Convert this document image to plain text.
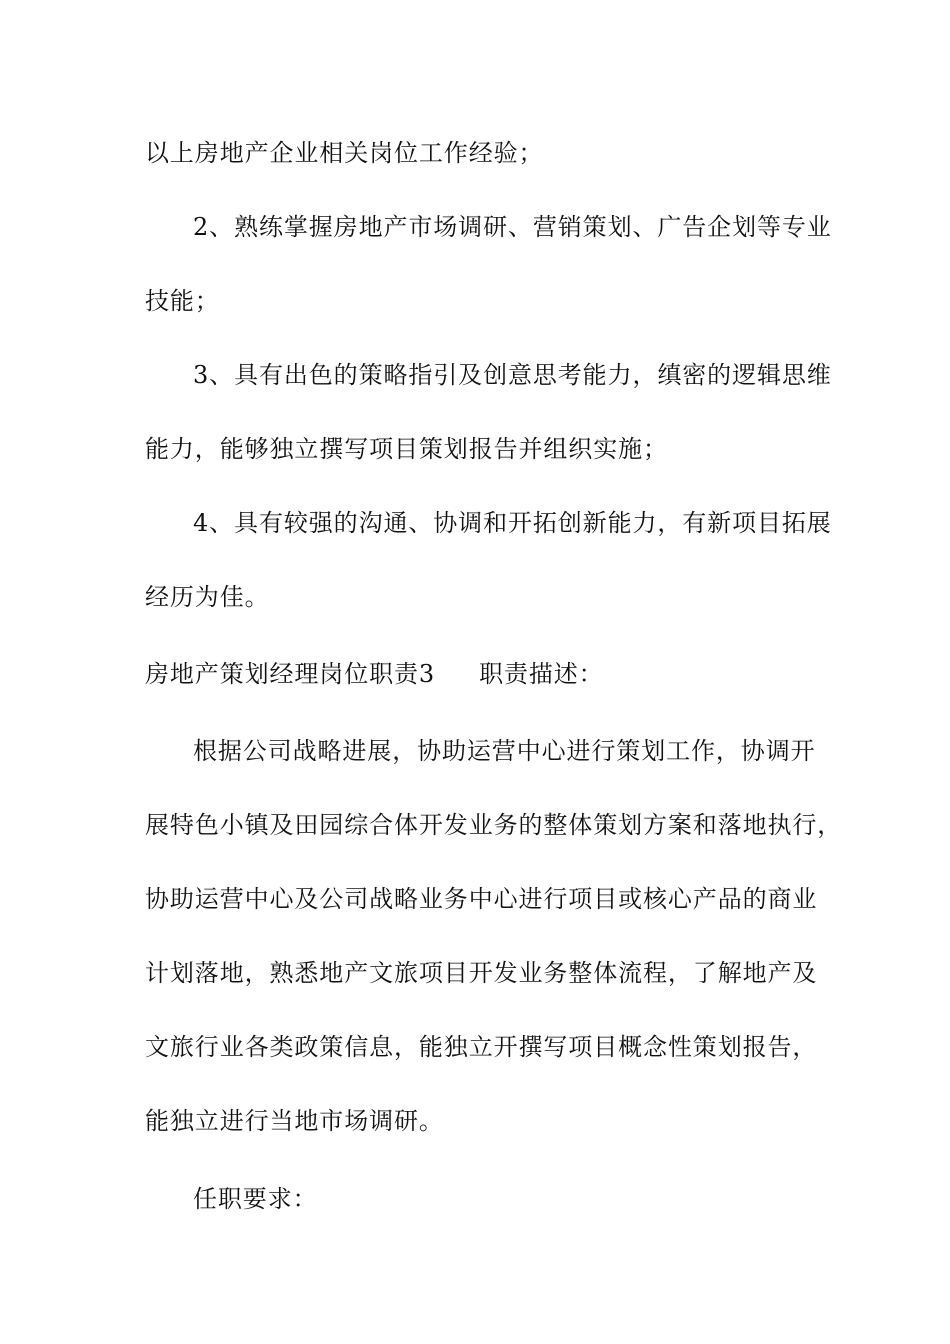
以上房地产企业相关岗位工作经验；
2、熟练掌握房地产市场调研、营销策划、广告企划等专业
技能；
3、具有出色的策略指引及创意思考能力，缜密的逻辑思维
能力，能够独立撰写项目策划报告并组织实施；
4、具有较强的沟通、协调和开拓创新能力，有新项目拓展
经历为佳。
房地产策划经理岗位职责3 职责描述：
根据公司战略进展，协助运营中心进行策划工作，协调开
展特色小镇及田园综合体开发业务的整体策划方案和落地执行，
协助运营中心及公司战略业务中心进行项目或核心产品的商业
计划落地，熟悉地产文旅项目开发业务整体流程，了解地产及
文旅行业各类政策信息，能独立开撰写项目概念性策划报告，
能独立进行当地市场调研。
任职要求：
